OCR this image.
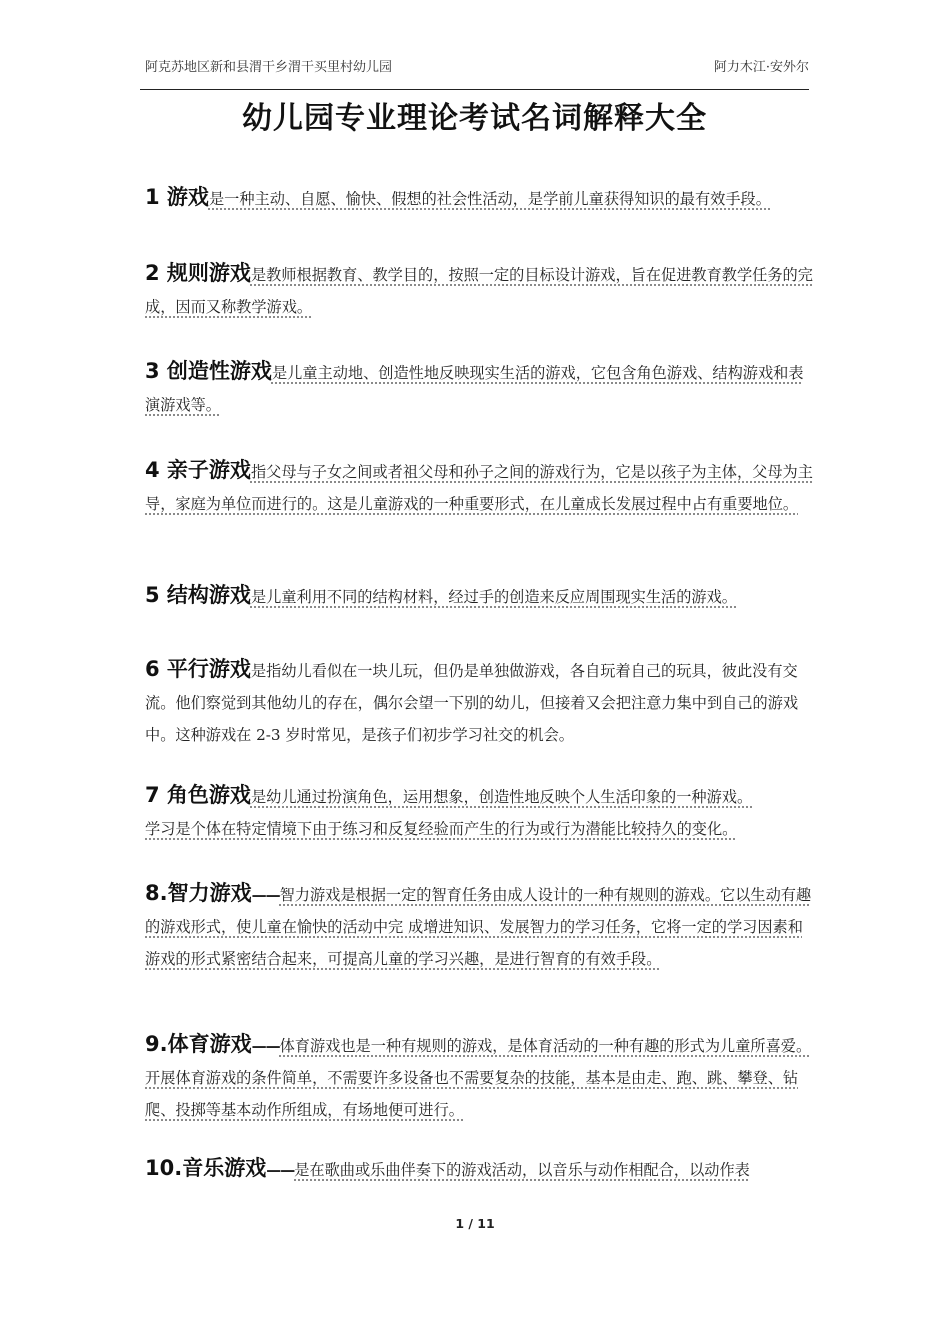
阿克苏地区新和县渭干乡渭干买里村幼儿园	阿力木江·安外尔
幼儿园专业理论考试名词解释大全
1 游戏是一种主动、自愿、愉快、假想的社会性活动，是学前儿童获得知识的最有效手段。
2 规则游戏是教师根据教育、教学目的，按照一定的目标设计游戏，旨在促进教育教学任务的完成，因而又称教学游戏。
3 创造性游戏是儿童主动地、创造性地反映现实生活的游戏，它包含角色游戏、结构游戏和表演游戏等。
4 亲子游戏指父母与子女之间或者祖父母和孙子之间的游戏行为，它是以孩子为主体，父母为主导，家庭为单位而进行的。这是儿童游戏的一种重要形式，在儿童成长发展过程中占有重要地位。
5 结构游戏是儿童利用不同的结构材料，经过手的创造来反应周围现实生活的游戏。
6 平行游戏是指幼儿看似在一块儿玩，但仍是单独做游戏，各自玩着自己的玩具，彼此没有交流。他们察觉到其他幼儿的存在，偶尔会望一下别的幼儿，但接着又会把注意力集中到自己的游戏中。这种游戏在 2-3 岁时常见，是孩子们初步学习社交的机会。
7 角色游戏是幼儿通过扮演角色，运用想象，创造性地反映个人生活印象的一种游戏。
学习是个体在特定情境下由于练习和反复经验而产生的行为或行为潜能比较持久的变化。
8.智力游戏——智力游戏是根据一定的智育任务由成人设计的一种有规则的游戏。它以生动有趣的游戏形式，使儿童在愉快的活动中完 成增进知识、发展智力的学习任务，它将一定的学习因素和游戏的形式紧密结合起来，可提高儿童的学习兴趣，是进行智育的有效手段。
9.体育游戏——体育游戏也是一种有规则的游戏，是体育活动的一种有趣的形式为儿童所喜爱。开展体育游戏的条件简单，不需要许多设备也不需要复杂的技能，基本是由走、跑、跳、攀登、钻爬、投掷等基本动作所组成，有场地便可进行。
10.音乐游戏——是在歌曲或乐曲伴奏下的游戏活动，以音乐与动作相配合，以动作表
1 / 11
